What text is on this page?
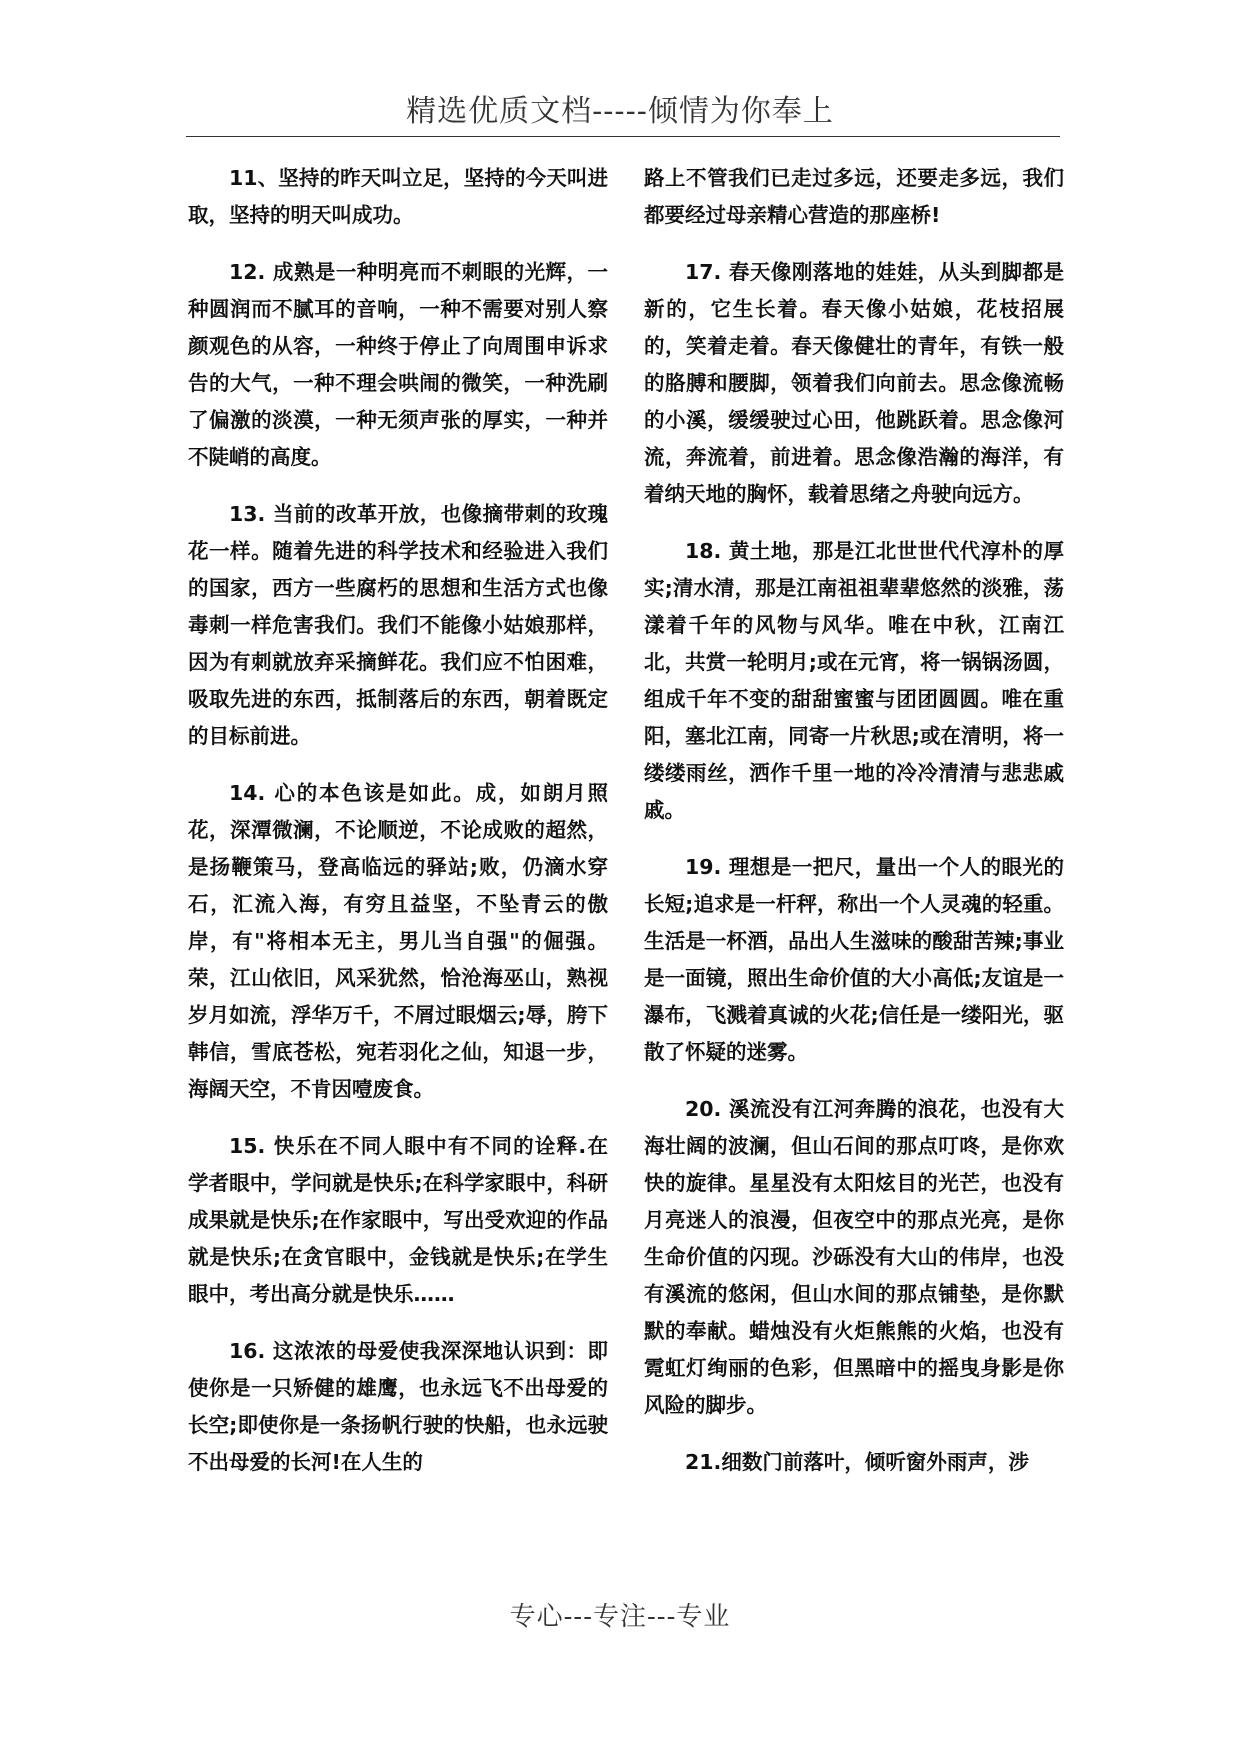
精选优质文档-----倾情为你奉上

11、坚持的昨天叫立足，坚持的今天叫进取，坚持的明天叫成功。

12. 成熟是一种明亮而不刺眼的光辉，一种圆润而不腻耳的音响，一种不需要对别人察颜观色的从容，一种终于停止了向周围申诉求告的大气，一种不理会哄闹的微笑，一种洗刷了偏激的淡漠，一种无须声张的厚实，一种并不陡峭的高度。

13. 当前的改革开放，也像摘带刺的玫瑰花一样。随着先进的科学技术和经验进入我们的国家，西方一些腐朽的思想和生活方式也像毒刺一样危害我们。我们不能像小姑娘那样，因为有刺就放弃采摘鲜花。我们应不怕困难，吸取先进的东西，抵制落后的东西，朝着既定的目标前进。

14. 心的本色该是如此。成，如朗月照花，深潭微澜，不论顺逆，不论成败的超然，是扬鞭策马，登高临远的驿站;败，仍滴水穿石，汇流入海，有穷且益坚，不坠青云的傲岸，有"将相本无主，男儿当自强"的倔强。荣，江山依旧，风采犹然，恰沧海巫山，熟视岁月如流，浮华万千，不屑过眼烟云;辱，胯下韩信，雪底苍松，宛若羽化之仙，知退一步，海阔天空，不肯因噎废食。

15. 快乐在不同人眼中有不同的诠释.在学者眼中，学问就是快乐;在科学家眼中，科研成果就是快乐;在作家眼中，写出受欢迎的作品就是快乐;在贪官眼中，金钱就是快乐;在学生眼中，考出高分就是快乐……

16. 这浓浓的母爱使我深深地认识到：即使你是一只矫健的雄鹰，也永远飞不出母爱的长空;即使你是一条扬帆行驶的快船，也永远驶不出母爱的长河!在人生的

路上不管我们已走过多远，还要走多远，我们都要经过母亲精心营造的那座桥!

17. 春天像刚落地的娃娃，从头到脚都是新的，它生长着。春天像小姑娘，花枝招展的，笑着走着。春天像健壮的青年，有铁一般的胳膊和腰脚，领着我们向前去。思念像流畅的小溪，缓缓驶过心田，他跳跃着。思念像河流，奔流着，前进着。思念像浩瀚的海洋，有着纳天地的胸怀，载着思绪之舟驶向远方。

18. 黄土地，那是江北世世代代淳朴的厚实;清水清，那是江南祖祖辈辈悠然的淡雅，荡漾着千年的风物与风华。唯在中秋，江南江北，共赏一轮明月;或在元宵，将一锅锅汤圆，组成千年不变的甜甜蜜蜜与团团圆圆。唯在重阳，塞北江南，同寄一片秋思;或在清明，将一缕缕雨丝，洒作千里一地的冷冷清清与悲悲戚戚。

19. 理想是一把尺，量出一个人的眼光的长短;追求是一杆秤，称出一个人灵魂的轻重。生活是一杯酒，品出人生滋味的酸甜苦辣;事业是一面镜，照出生命价值的大小高低;友谊是一瀑布，飞溅着真诚的火花;信任是一缕阳光，驱散了怀疑的迷雾。

20. 溪流没有江河奔腾的浪花，也没有大海壮阔的波澜，但山石间的那点叮咚，是你欢快的旋律。星星没有太阳炫目的光芒，也没有月亮迷人的浪漫，但夜空中的那点光亮，是你生命价值的闪现。沙砾没有大山的伟岸，也没有溪流的悠闲，但山水间的那点铺垫，是你默默的奉献。蜡烛没有火炬熊熊的火焰，也没有霓虹灯绚丽的色彩，但黑暗中的摇曳身影是你风险的脚步。

21.细数门前落叶，倾听窗外雨声，涉

专心---专注---专业
